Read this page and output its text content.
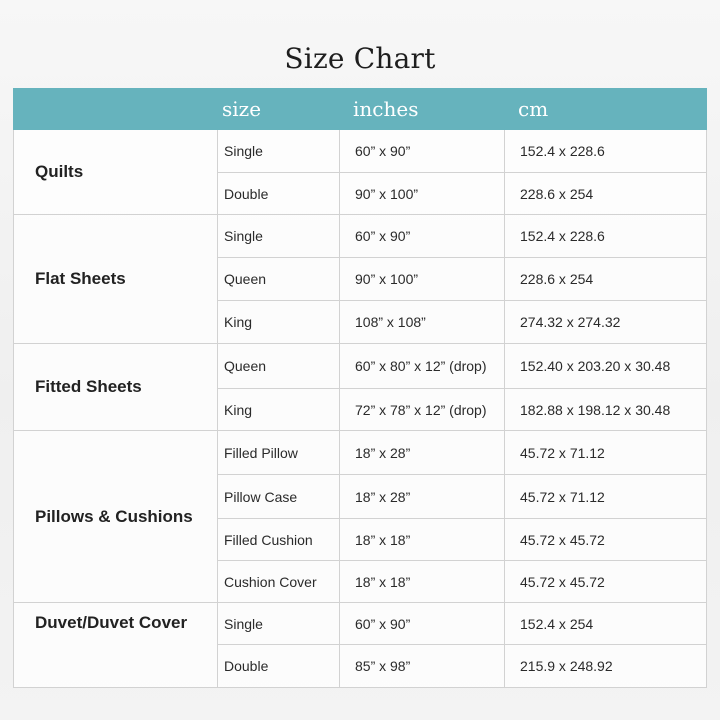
Size Chart
size	inches	cm
Quilts
Single	60” x 90”	152.4 x 228.6
Double	90” x 100”	228.6 x 254
Flat Sheets
Single	60” x 90”	152.4 x 228.6
Queen	90” x 100”	228.6 x 254
King	108” x 108”	274.32 x 274.32
Fitted Sheets
Queen	60” x 80” x 12” (drop)	152.40 x 203.20 x 30.48
King	72” x 78” x 12” (drop)	182.88 x 198.12 x 30.48
Pillows & Cushions
Filled Pillow	18” x 28”	45.72 x 71.12
Pillow Case	18” x 28”	45.72 x 71.12
Filled Cushion	18” x 18”	45.72 x 45.72
Cushion Cover	18” x 18”	45.72 x 45.72
Duvet/Duvet Cover	Single	60” x 90”	152.4 x 254
Double	85” x 98”	215.9 x 248.92
